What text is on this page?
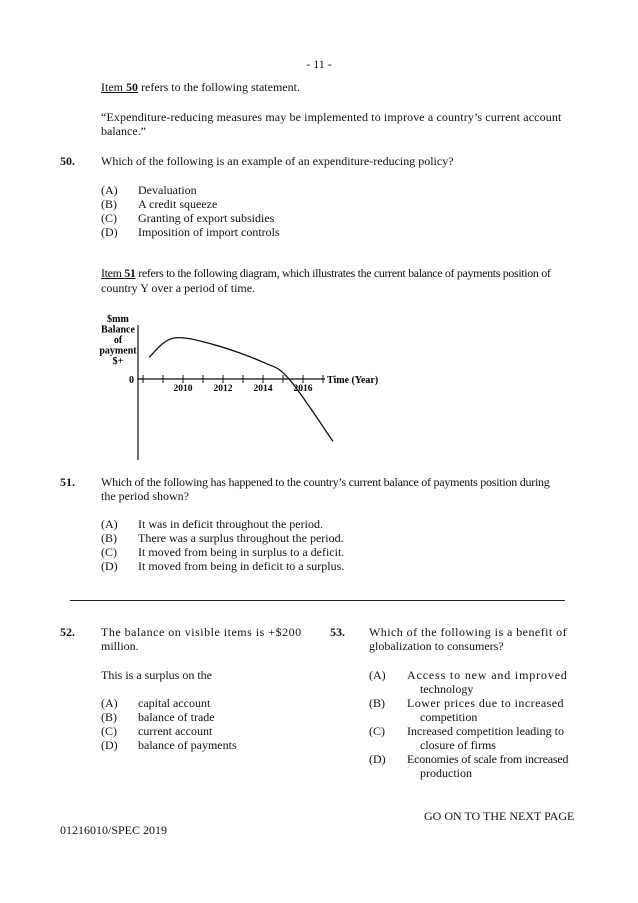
- 11 -
Item 50 refers to the following statement.
“Expenditure-reducing measures may be implemented to improve a country’s current account
balance.”
50. Which of the following is an example of an expenditure-reducing policy?
(A) Devaluation
(B) A credit squeeze
(C) Granting of export subsidies
(D) Imposition of import controls
Item 51 refers to the following diagram, which illustrates the current balance of payments position of
country Y over a period of time.
$mm
Balance
of
payment
$+
0	Time (Year)
2010 2012 2014 2016
51. Which of the following has happened to the country’s current balance of payments position during
the period shown?
(A) It was in deficit throughout the period.
(B) There was a surplus throughout the period.
(C) It moved from being in surplus to a deficit.
(D) It moved from being in deficit to a surplus.
52. The balance on visible items is +$200
million.
This is a surplus on the
(A) capital account
(B) balance of trade
(C) current account
(D) balance of payments
53. Which of the following is a benefit of
globalization to consumers?
(A) Access to new and improved
technology
(B) Lower prices due to increased
competition
(C) Increased competition leading to
closure of firms
(D) Economies of scale from increased
production
GO ON TO THE NEXT PAGE
01216010/SPEC 2019
